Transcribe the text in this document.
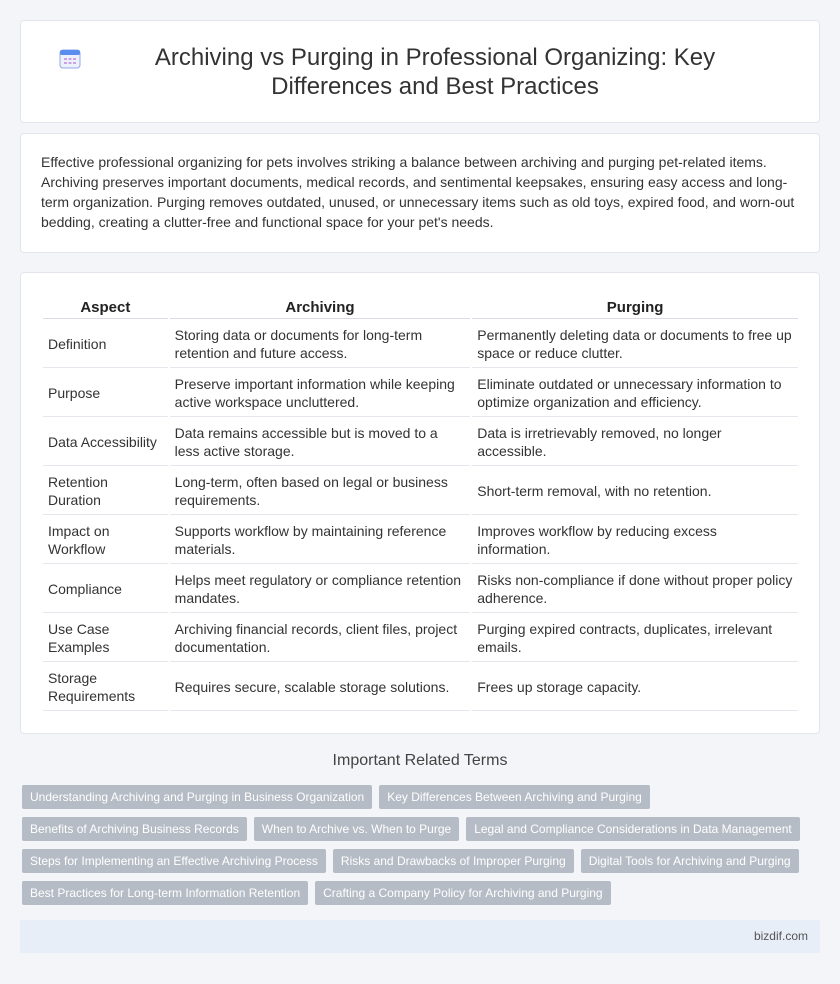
Archiving vs Purging in Professional Organizing: Key Differences and Best Practices

Effective professional organizing for pets involves striking a balance between archiving and purging pet-related items. Archiving preserves important documents, medical records, and sentimental keepsakes, ensuring easy access and long-term organization. Purging removes outdated, unused, or unnecessary items such as old toys, expired food, and worn-out bedding, creating a clutter-free and functional space for your pet's needs.

Aspect	Archiving	Purging
Definition	Storing data or documents for long-term retention and future access.	Permanently deleting data or documents to free up space or reduce clutter.
Purpose	Preserve important information while keeping active workspace uncluttered.	Eliminate outdated or unnecessary information to optimize organization and efficiency.
Data Accessibility	Data remains accessible but is moved to a less active storage.	Data is irretrievably removed, no longer accessible.
Retention Duration	Long-term, often based on legal or business requirements.	Short-term removal, with no retention.
Impact on Workflow	Supports workflow by maintaining reference materials.	Improves workflow by reducing excess information.
Compliance	Helps meet regulatory or compliance retention mandates.	Risks non-compliance if done without proper policy adherence.
Use Case Examples	Archiving financial records, client files, project documentation.	Purging expired contracts, duplicates, irrelevant emails.
Storage Requirements	Requires secure, scalable storage solutions.	Frees up storage capacity.
Important Related Terms
Understanding Archiving and Purging in Business Organization Key Differences Between Archiving and Purging
Benefits of Archiving Business Records When to Archive vs. When to Purge Legal and Compliance Considerations in Data Management
Steps for Implementing an Effective Archiving Process Risks and Drawbacks of Improper Purging Digital Tools for Archiving and Purging
Best Practices for Long-term Information Retention Crafting a Company Policy for Archiving and Purging
bizdif.com
